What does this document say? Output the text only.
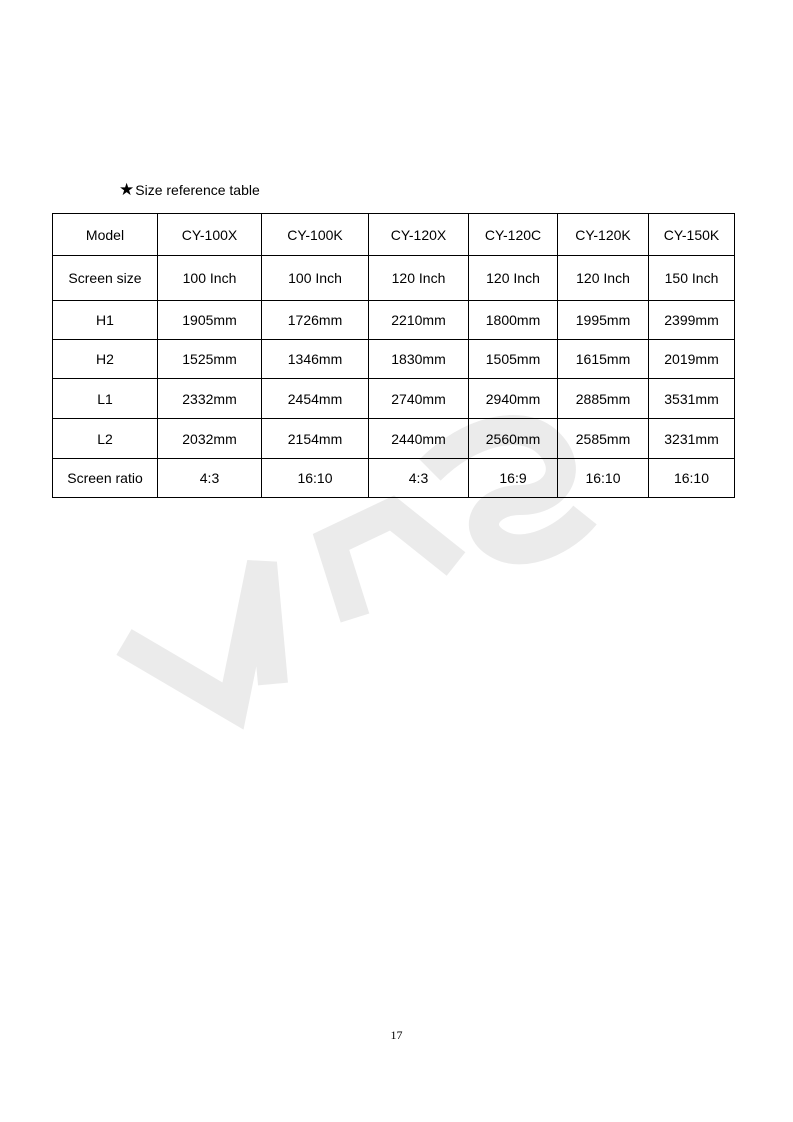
★Size reference table
Model	CY-100X	CY-100K	CY-120X	CY-120C	CY-120K	CY-150K
Screen size	100 Inch	100 Inch	120 Inch	120 Inch	120 Inch	150 Inch
H1	1905mm	1726mm	2210mm	1800mm	1995mm	2399mm
H2	1525mm	1346mm	1830mm	1505mm	1615mm	2019mm
L1	2332mm	2454mm	2740mm	2940mm	2885mm	3531mm
L2	2032mm	2154mm	2440mm	2560mm	2585mm	3231mm
Screen ratio	4:3	16:10	4:3	16:9	16:10	16:10
17
